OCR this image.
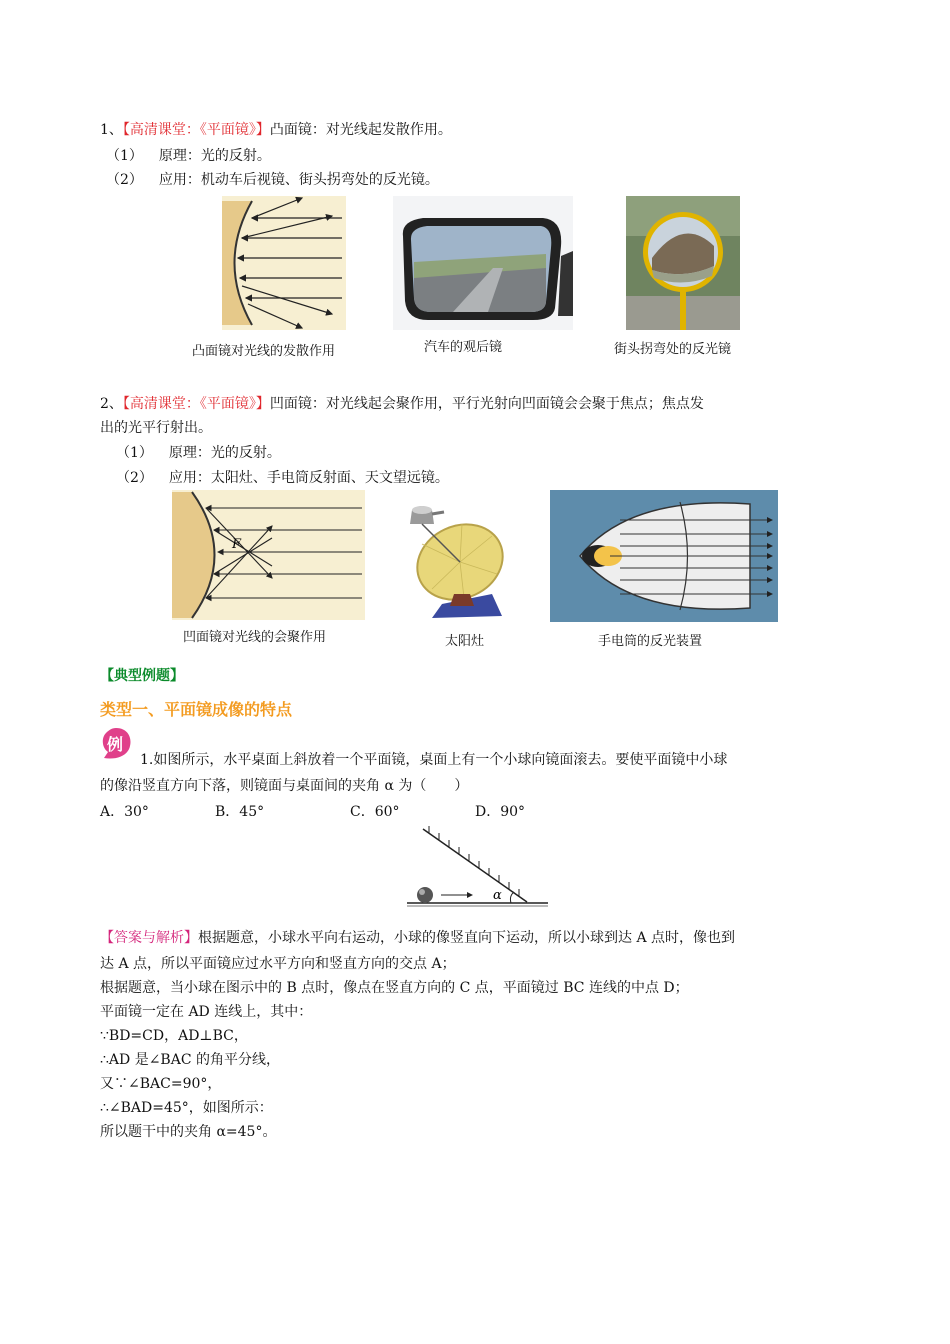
1、【高清课堂：《平面镜》】凸面镜：对光线起发散作用。
（1） 原理：光的反射。
（2） 应用：机动车后视镜、街头拐弯处的反光镜。
凸面镜对光线的发散作用	汽车的观后镜	街头拐弯处的反光镜
2、【高清课堂：《平面镜》】凹面镜：对光线起会聚作用，平行光射向凹面镜会会聚于焦点；焦点发
出的光平行射出。
（1） 原理：光的反射。
（2） 应用：太阳灶、手电筒反射面、天文望远镜。
F
凹面镜对光线的会聚作用	太阳灶	手电筒的反光装置
【典型例题】
类型一、平面镜成像的特点
例
1.如图所示，水平桌面上斜放着一个平面镜，桌面上有一个小球向镜面滚去。要使平面镜中小球
的像沿竖直方向下落，则镜面与桌面间的夹角 α 为（　　）
A．30°	B．45°	C．60°	D．90°
α
【答案与解析】根据题意，小球水平向右运动，小球的像竖直向下运动，所以小球到达 A 点时，像也到
达 A 点，所以平面镜应过水平方向和竖直方向的交点 A；
根据题意，当小球在图示中的 B 点时，像点在竖直方向的 C 点，平面镜过 BC 连线的中点 D；
平面镜一定在 AD 连线上，其中：
∵BD=CD，AD⊥BC，
∴AD 是∠BAC 的角平分线，
又∵∠BAC=90°，
∴∠BAD=45°，如图所示：
所以题干中的夹角 α=45°。
